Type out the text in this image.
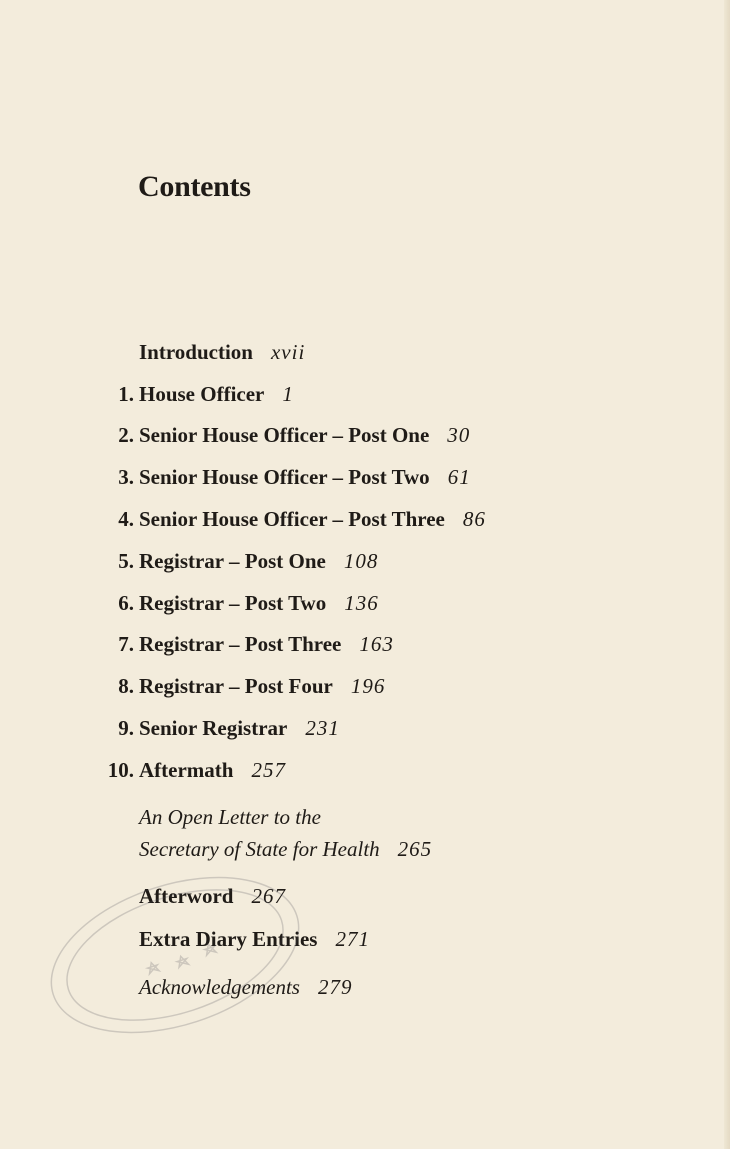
Contents
Introduction xvii
1. House Officer 1
2. Senior House Officer – Post One 30
3. Senior House Officer – Post Two 61
4. Senior House Officer – Post Three 86
5. Registrar – Post One 108
6. Registrar – Post Two 136
7. Registrar – Post Three 163
8. Registrar – Post Four 196
9. Senior Registrar 231
10. Aftermath 257
An Open Letter to the
Secretary of State for Health 265
Afterword 267
Extra Diary Entries 271
Acknowledgements 279
